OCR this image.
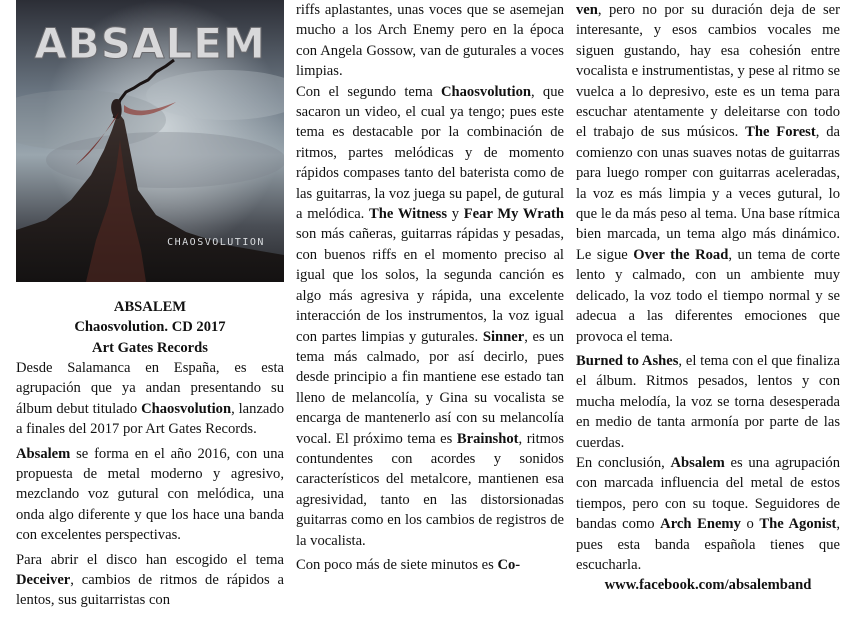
ABSALEM
CHAOSVOLUTION
ABSALEM
Chaosvolution. CD 2017
Art Gates Records

Desde Salamanca en España, es esta agrupación que ya andan presentando su álbum debut titulado Chaosvolution, lanzado a finales del 2017 por Art Gates Records.

Absalem se forma en el año 2016, con una propuesta de metal moderno y agresivo, mezclando voz gutural con melódica, una onda algo diferente y que los hace una banda con excelentes perspectivas.

Para abrir el disco han escogido el tema Deceiver, cambios de ritmos de rápidos a lentos, sus guitarristas con

riffs aplastantes, unas voces que se asemejan mucho a los Arch Enemy pero en la época con Angela Gossow, van de guturales a voces limpias.

Con el segundo tema Chaosvolution, que sacaron un video, el cual ya tengo; pues este tema es destacable por la combinación de ritmos, partes melódicas y de momento rápidos compases tanto del baterista como de las guitarras, la voz juega su papel, de gutural a melódica. The Witness y Fear My Wrath son más cañeras, guitarras rápidas y pesadas, con buenos riffs en el momento preciso al igual que los solos, la segunda canción es algo más agresiva y rápida, una excelente interacción de los instrumentos, la voz igual con partes limpias y guturales. Sinner, es un tema más calmado, por así decirlo, pues desde principio a fin mantiene ese estado tan lleno de melancolía, y Gina su vocalista se encarga de mantenerlo así con su melancolía vocal. El próximo tema es Brainshot, ritmos contundentes con acordes y sonidos característicos del metalcore, mantienen esa agresividad, tanto en las distorsionadas guitarras como en los cambios de registros de la vocalista.

Con poco más de siete minutos es Co-

ven, pero no por su duración deja de ser interesante, y esos cambios vocales me siguen gustando, hay esa cohesión entre vocalista e instrumentistas, y pese al ritmo se vuelca a lo depresivo, este es un tema para escuchar atentamente y deleitarse con todo el trabajo de sus músicos. The Forest, da comienzo con unas suaves notas de guitarras para luego romper con guitarras aceleradas, la voz es más limpia y a veces gutural, lo que le da más peso al tema. Una base rítmica bien marcada, un tema algo más dinámico. Le sigue Over the Road, un tema de corte lento y calmado, con un ambiente muy delicado, la voz todo el tiempo normal y se adecua a las diferentes emociones que provoca el tema.

Burned to Ashes, el tema con el que finaliza el álbum. Ritmos pesados, lentos y con mucha melodía, la voz se torna desesperada en medio de tanta armonía por parte de las cuerdas.

En conclusión, Absalem es una agrupación con marcada influencia del metal de estos tiempos, pero con su toque. Seguidores de bandas como Arch Enemy o The Agonist, pues esta banda española tienes que escucharla.

www.facebook.com/absalemband
